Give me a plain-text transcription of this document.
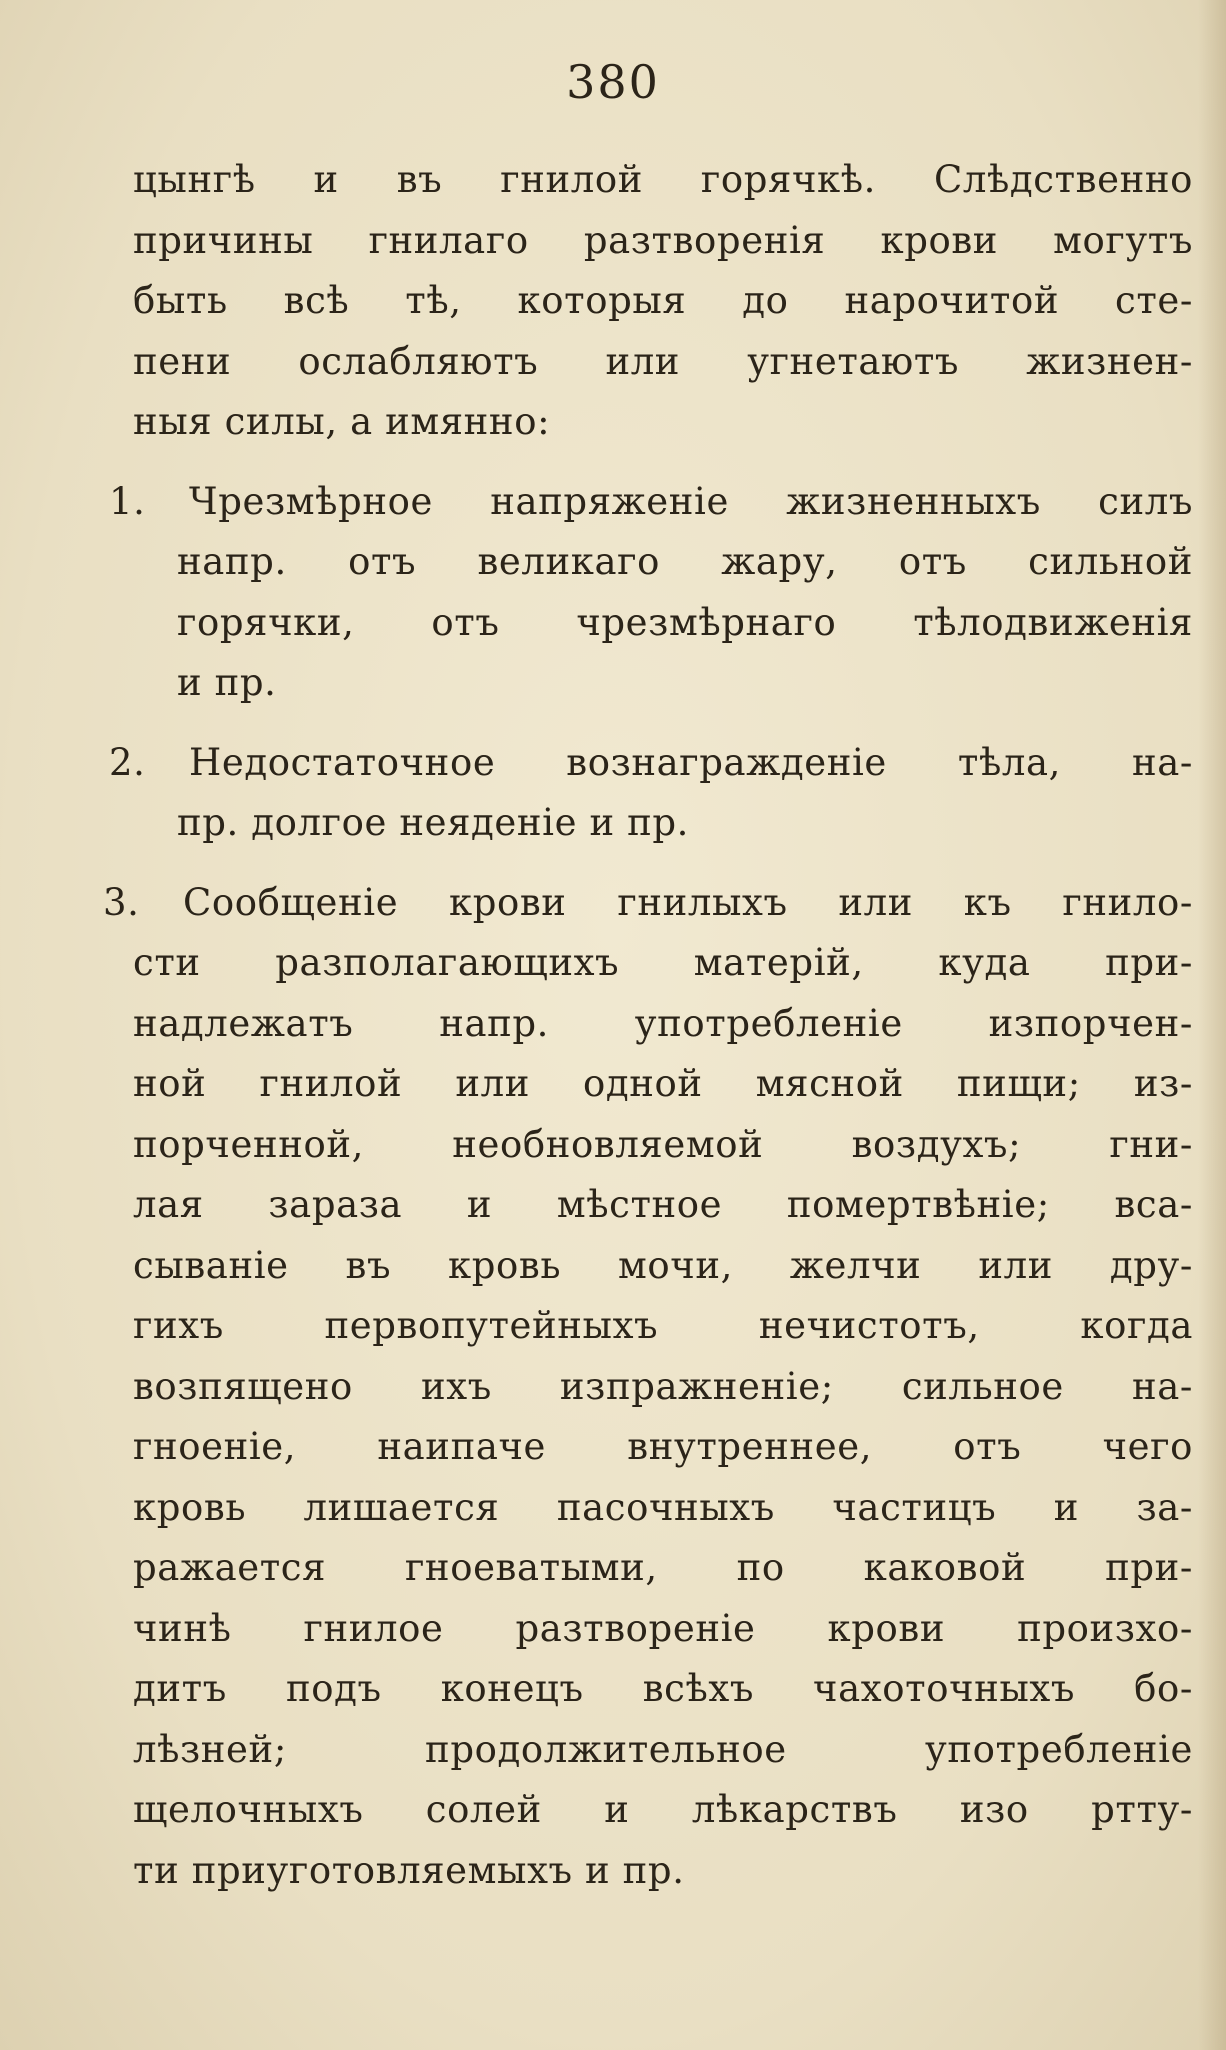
380
цынгѣ и въ гнилой горячкѣ. Слѣдственно
причины гнилаго разтворенія крови могутъ
быть всѣ тѣ, которыя до нарочитой сте-
пени ослабляютъ или угнетаютъ жизнен-
ныя силы, а имянно:
1.	Чрезмѣрное напряженіе жизненныхъ силъ
напр. отъ великаго жару, отъ сильной
горячки, отъ чрезмѣрнаго тѣлодвиженія
и пр.
2.	Недостаточное вознагражденіе тѣла, на-
пр. долгое неяденіе и пр.
3.	Сообщеніе крови гнилыхъ или къ гнило-
сти разполагающихъ матерій, куда при-
надлежатъ напр. употребленіе изпорчен-
ной гнилой или одной мясной пищи; из-
порченной, необновляемой воздухъ; гни-
лая зараза и мѣстное помертвѣніе; вса-
сываніе въ кровь мочи, желчи или дру-
гихъ первопутейныхъ нечистотъ, когда
возпящено ихъ изпражненіе; сильное на-
гноеніе, наипаче внутреннее, отъ чего
кровь лишается пасочныхъ частицъ и за-
ражается гноеватыми, по каковой при-
чинѣ гнилое разтвореніе крови произхо-
дитъ подъ конецъ всѣхъ чахоточныхъ бо-
лѣзней; продолжительное употребленіе
щелочныхъ солей и лѣкарствъ изо ртту-
ти приуготовляемыхъ и пр.
